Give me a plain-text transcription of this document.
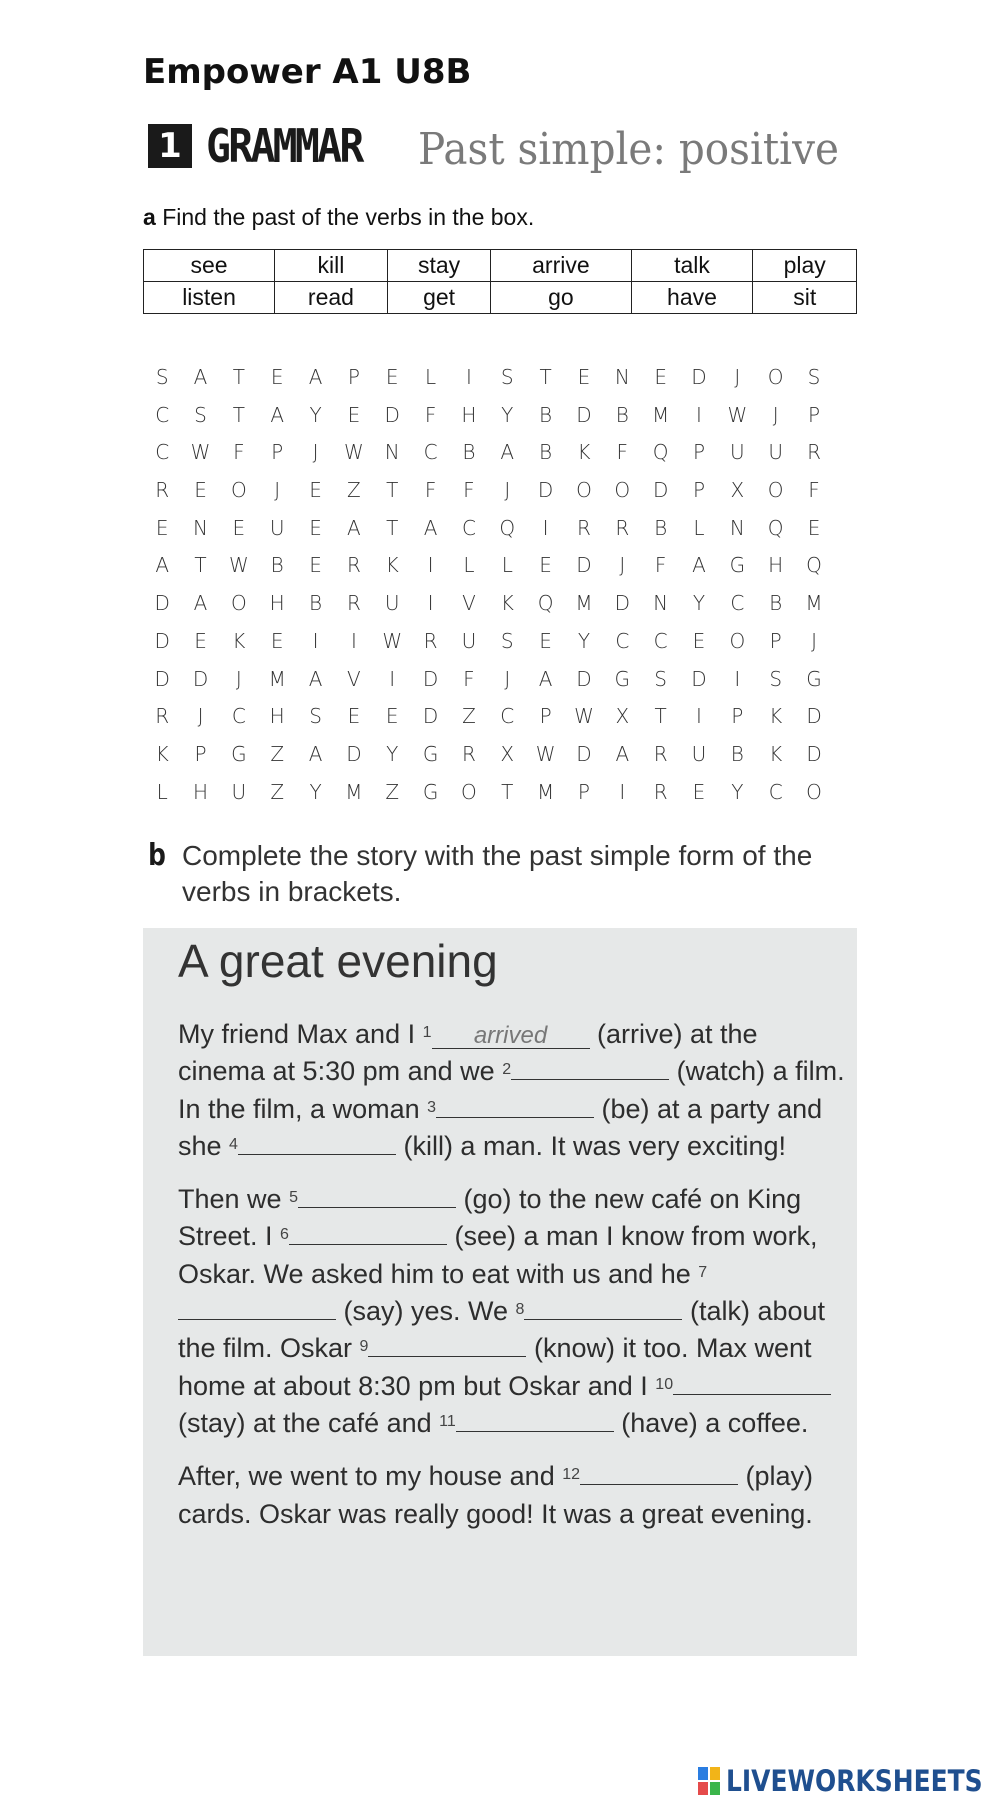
Empower A1 U8B
1 GRAMMAR Past simple: positive
a Find the past of the verbs in the box.
see	kill	stay	arrive	talk	play
listen	read	get	go	have	sit
S	A	T	E	A	P	E	L	I	S	T	E	N	E	D	J	O	S
C	S	T	A	Y	E	D	F	H	Y	B	D	B	M	I	W	J	P
C	W	F	P	J	W	N	C	B	A	B	K	F	Q	P	U	U	R
R	E	O	J	E	Z	T	F	F	J	D	O	O	D	P	X	O	F
E	N	E	U	E	A	T	A	C	Q	I	R	R	B	L	N	Q	E
A	T	W	B	E	R	K	I	L	L	E	D	J	F	A	G	H	Q
D	A	O	H	B	R	U	I	V	K	Q	M	D	N	Y	C	B	M
D	E	K	E	I	I	W	R	U	S	E	Y	C	C	E	O	P	J
D	D	J	M	A	V	I	D	F	J	A	D	G	S	D	I	S	G
R	J	C	H	S	E	E	D	Z	C	P	W	X	T	I	P	K	D
K	P	G	Z	A	D	Y	G	R	X	W	D	A	R	U	B	K	D
L	H	U	Z	Y	M	Z	G	O	T	M	P	I	R	E	Y	C	O
b Complete the story with the past simple form of the verbs in brackets.
A great evening

My friend Max and I $^1$ arrived (arrive) at the cinema at 5:30 pm and we $^2$	(watch) a film. In the film, a woman $^3$	(be) at a party and she $^4$	(kill) a man. It was very exciting!

Then we $^5$	(go) to the new café on King Street. I $^6$	(see) a man I know from work, Oskar. We asked him to eat with us and he $^7$ (say) yes. We $^8$	(talk) about the film. Oskar $^9$	(know) it too. Max went home at about 8:30 pm but Oskar and I $^{10}$ (stay) at the café and $^{11}$	(have) a coffee.

After, we went to my house and $^{12}$	(play) cards. Oskar was really good! It was a great evening.

LIVEWORKSHEETS
